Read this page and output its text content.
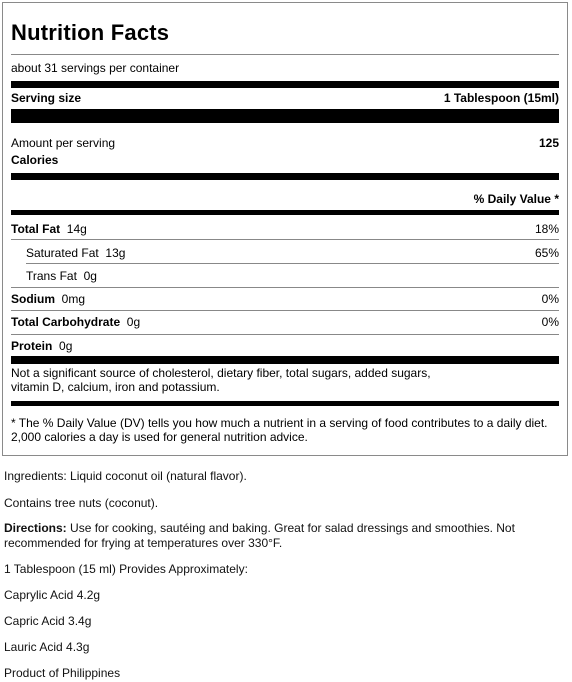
Nutrition Facts
about 31 servings per container
Serving size	1 Tablespoon (15ml)
Amount per serving	125
Calories
% Daily Value *
Total Fat 14g	18%
Saturated Fat 13g	65%
Trans Fat 0g
Sodium 0mg	0%
Total Carbohydrate 0g	0%
Protein 0g
Not a significant source of cholesterol, dietary fiber, total sugars, added sugars,
vitamin D, calcium, iron and potassium.
* The % Daily Value (DV) tells you how much a nutrient in a serving of food contributes to a daily diet.
2,000 calories a day is used for general nutrition advice.
Ingredients: Liquid coconut oil (natural flavor).
Contains tree nuts (coconut).
Directions: Use for cooking, sautéing and baking. Great for salad dressings and smoothies. Not
recommended for frying at temperatures over 330°F.
1 Tablespoon (15 ml) Provides Approximately:
Caprylic Acid 4.2g
Capric Acid 3.4g
Lauric Acid 4.3g
Product of Philippines
